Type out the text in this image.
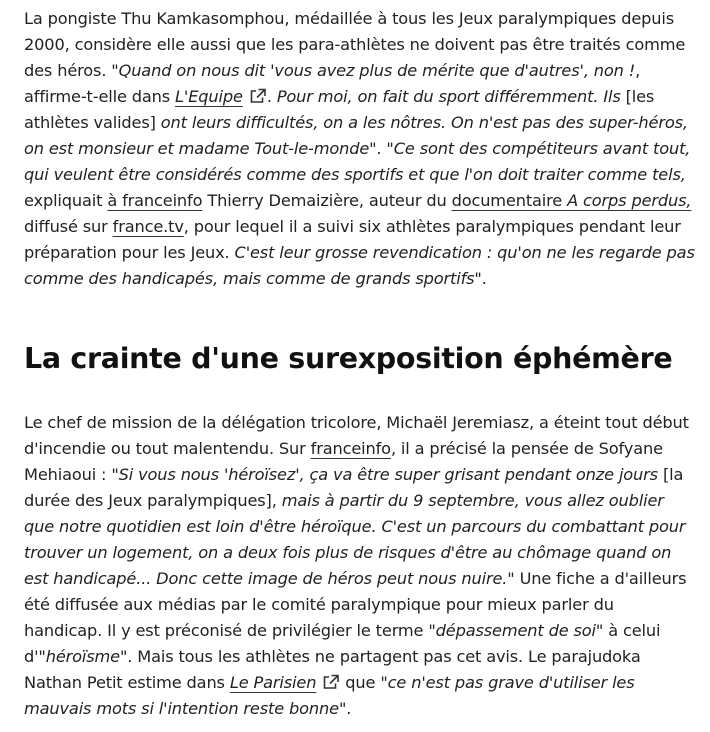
La pongiste Thu Kamkasomphou, médaillée à tous les Jeux paralympiques depuis 2000, considère elle aussi que les para-athlètes ne doivent pas être traités comme des héros. "Quand on nous dit 'vous avez plus de mérite que d'autres', non !, affirme-t-elle dans L'Equipe . Pour moi, on fait du sport différemment. Ils [les athlètes valides] ont leurs difficultés, on a les nôtres. On n'est pas des super-héros, on est monsieur et madame Tout-le-monde". "Ce sont des compétiteurs avant tout, qui veulent être considérés comme des sportifs et que l'on doit traiter comme tels, expliquait à franceinfo Thierry Demaizière, auteur du documentaire A corps perdus, diffusé sur france.tv, pour lequel il a suivi six athlètes paralympiques pendant leur préparation pour les Jeux. C'est leur grosse revendication : qu'on ne les regarde pas comme des handicapés, mais comme de grands sportifs".

La crainte d'une surexposition éphémère

Le chef de mission de la délégation tricolore, Michaël Jeremiasz, a éteint tout début d'incendie ou tout malentendu. Sur franceinfo, il a précisé la pensée de Sofyane Mehiaoui : "Si vous nous 'héroïsez', ça va être super grisant pendant onze jours [la durée des Jeux paralympiques], mais à partir du 9 septembre, vous allez oublier que notre quotidien est loin d'être héroïque. C'est un parcours du combattant pour trouver un logement, on a deux fois plus de risques d'être au chômage quand on est handicapé... Donc cette image de héros peut nous nuire." Une fiche a d'ailleurs été diffusée aux médias par le comité paralympique pour mieux parler du handicap. Il y est préconisé de privilégier le terme "dépassement de soi" à celui d'"héroïsme". Mais tous les athlètes ne partagent pas cet avis. Le parajudoka Nathan Petit estime dans Le Parisien que "ce n'est pas grave d'utiliser les mauvais mots si l'intention reste bonne".
